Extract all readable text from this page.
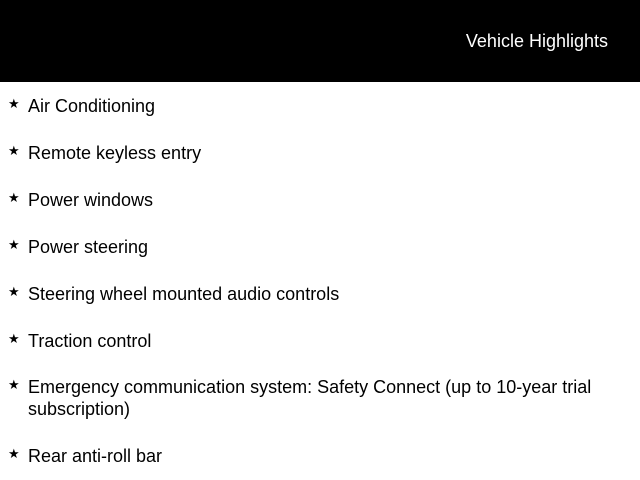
Vehicle Highlights
★ Air Conditioning
★ Remote keyless entry
★ Power windows
★ Power steering
★ Steering wheel mounted audio controls
★ Traction control
★ Emergency communication system: Safety Connect (up to 10-year trial subscription)
★ Rear anti-roll bar
